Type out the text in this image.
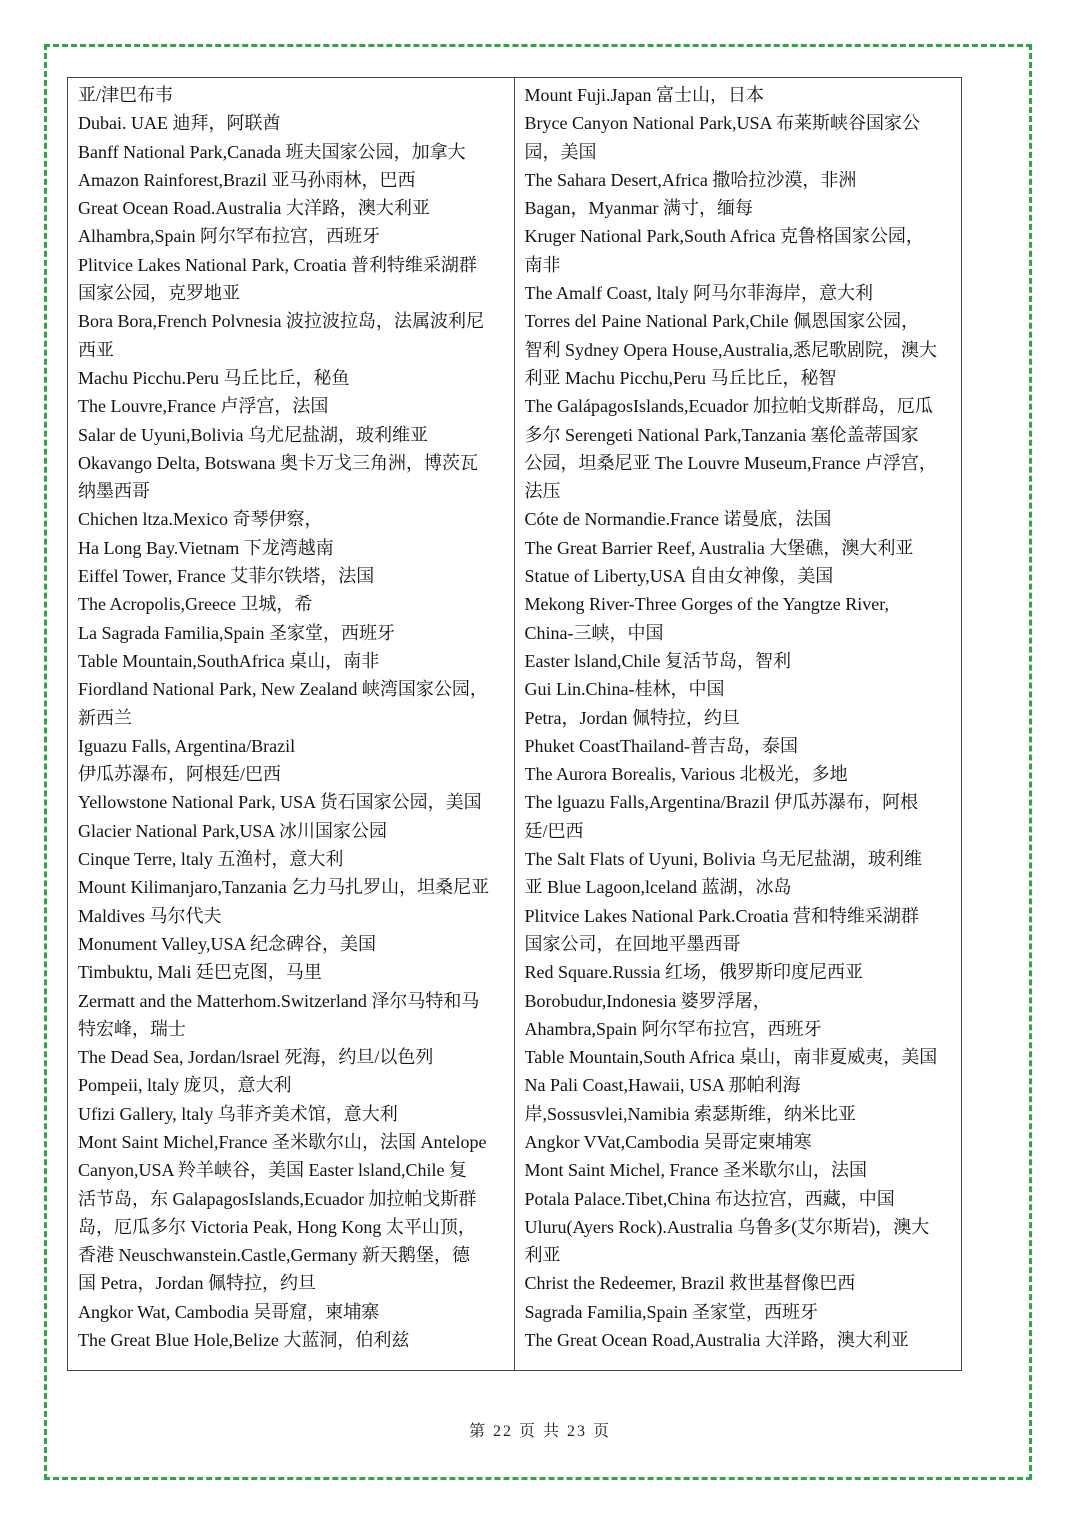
亚/津巴布韦
Dubai. UAE 迪拜，阿联酋
Banff National Park,Canada 班夫国家公园，加拿大
Amazon Rainforest,Brazil 亚马孙雨林，巴西
Great Ocean Road.Australia 大洋路，澳大利亚
Alhambra,Spain 阿尔罕布拉宫，西班牙
Plitvice Lakes National Park, Croatia 普利特维采湖群
国家公园，克罗地亚
Bora Bora,French Polvnesia 波拉波拉岛，法属波利尼
西亚
Machu Picchu.Peru 马丘比丘，秘鱼
The Louvre,France 卢浮宫，法国
Salar de Uyuni,Bolivia 乌尤尼盐湖，玻利维亚
Okavango Delta, Botswana 奥卡万戈三角洲，博茨瓦
纳墨西哥
Chichen ltza.Mexico 奇琴伊察，
Ha Long Bay.Vietnam 下龙湾越南
Eiffel Tower, France 艾菲尔铁塔，法国
The Acropolis,Greece 卫城，希
La Sagrada Familia,Spain 圣家堂，西班牙
Table Mountain,SouthAfrica 桌山，南非
Fiordland National Park, New Zealand 峡湾国家公园，
新西兰
Iguazu Falls, Argentina/Brazil
伊瓜苏瀑布，阿根廷/巴西
Yellowstone National Park, USA 货石国家公园，美国
Glacier National Park,USA 冰川国家公园
Cinque Terre, ltaly 五渔村，意大利
Mount Kilimanjaro,Tanzania 乞力马扎罗山，坦桑尼亚
Maldives 马尔代夫
Monument Valley,USA 纪念碑谷，美国
Timbuktu, Mali 廷巴克图，马里
Zermatt and the Matterhom.Switzerland 泽尔马特和马
特宏峰，瑞士
The Dead Sea, Jordan/lsrael 死海，约旦/以色列
Pompeii, ltaly 庞贝，意大利
Ufizi Gallery, ltaly 乌菲齐美术馆，意大利
Mont Saint Michel,France 圣米歇尔山，法国 Antelope
Canyon,USA 羚羊峡谷，美国 Easter lsland,Chile 复
活节岛，东 GalapagosIslands,Ecuador 加拉帕戈斯群
岛，厄瓜多尔 Victoria Peak, Hong Kong 太平山顶，
香港 Neuschwanstein.Castle,Germany 新天鹅堡，德
国 Petra，Jordan 佩特拉，约旦
Angkor Wat, Cambodia 吴哥窟，柬埔寨
The Great Blue Hole,Belize 大蓝洞，伯利兹
Mount Fuji.Japan 富士山，日本
Bryce Canyon National Park,USA 布莱斯峡谷国家公
园，美国
The Sahara Desert,Africa 撒哈拉沙漠，非洲
Bagan，Myanmar 满寸，缅每
Kruger National Park,South Africa 克鲁格国家公园，
南非
The Amalf Coast, ltaly 阿马尔菲海岸，意大利
Torres del Paine National Park,Chile 佩恩国家公园，
智利 Sydney Opera House,Australia,悉尼歌剧院，澳大
利亚 Machu Picchu,Peru 马丘比丘，秘智
The GalápagosIslands,Ecuador 加拉帕戈斯群岛，厄瓜
多尔 Serengeti National Park,Tanzania 塞伦盖蒂国家
公园，坦桑尼亚 The Louvre Museum,France 卢浮宫，
法压
Cóte de Normandie.France 诺曼底，法国
The Great Barrier Reef, Australia 大堡礁，澳大利亚
Statue of Liberty,USA 自由女神像，美国
Mekong River-Three Gorges of the Yangtze River,
China-三峡，中国
Easter lsland,Chile 复活节岛，智利
Gui Lin.China-桂林，中国
Petra，Jordan 佩特拉，约旦
Phuket CoastThailand-普吉岛，泰国
The Aurora Borealis, Various 北极光，多地
The lguazu Falls,Argentina/Brazil 伊瓜苏瀑布，阿根
廷/巴西
The Salt Flats of Uyuni, Bolivia 乌无尼盐湖，玻利维
亚 Blue Lagoon,lceland 蓝湖，冰岛
Plitvice Lakes National Park.Croatia 营和特维采湖群
国家公司，在回地平墨西哥
Red Square.Russia 红场，俄罗斯印度尼西亚
Borobudur,Indonesia 婆罗浮屠，
Ahambra,Spain 阿尔罕布拉宫，西班牙
Table Mountain,South Africa 桌山，南非夏威夷，美国
Na Pali Coast,Hawaii, USA 那帕利海
岸,Sossusvlei,Namibia 索瑟斯维，纳米比亚
Angkor VVat,Cambodia 吴哥定柬埔寒
Mont Saint Michel, France 圣米歇尔山，法国
Potala Palace.Tibet,China 布达拉宫，西藏，中国
Uluru(Ayers Rock).Australia 乌鲁多(艾尔斯岩)，澳大
利亚
Christ the Redeemer, Brazil 救世基督像巴西
Sagrada Familia,Spain 圣家堂，西班牙
The Great Ocean Road,Australia 大洋路，澳大利亚
第 22 页 共 23 页
